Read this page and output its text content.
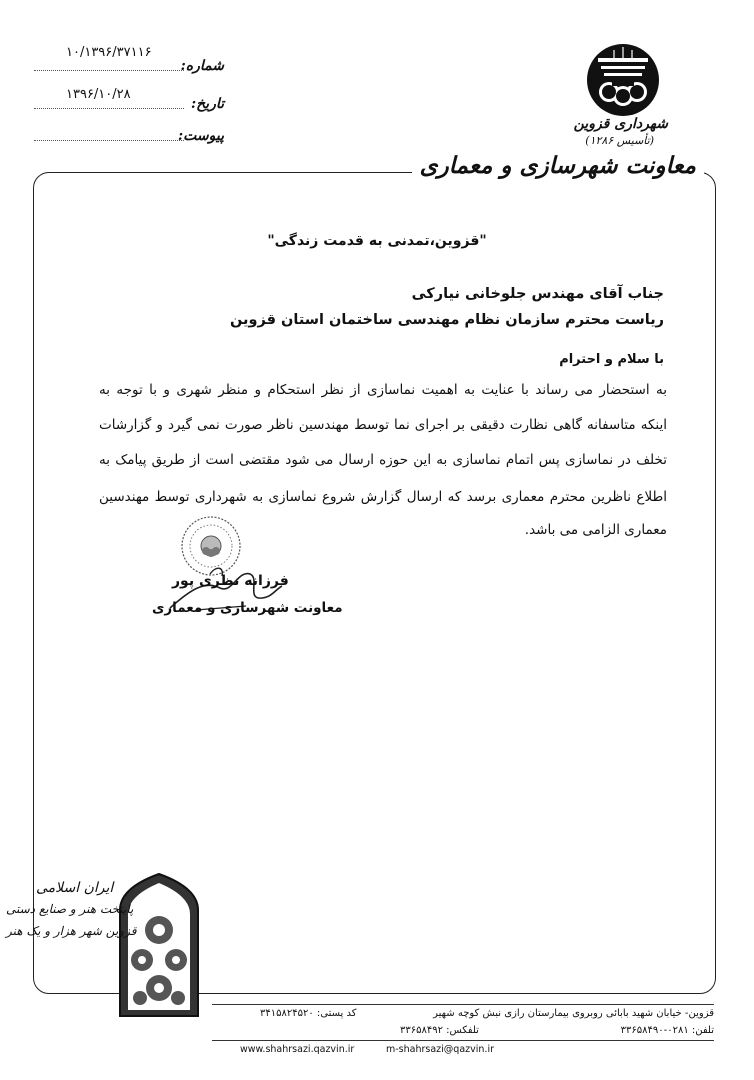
۱۰/۱۳۹۶/۳۷۱۱۶
شماره:
۱۳۹۶/۱۰/۲۸
تاریخ:
پیوست:
شهرداری قزوین
(تأسیس ۱۲۸۶)
معاونت شهرسازی و معماری
"قزوین،تمدنی به قدمت زندگی"
جناب آقای مهندس جلوخانی نیارکی
ریاست محترم سازمان نظام مهندسی ساختمان استان قزوین
با سلام و احترام
به استحضار می رساند با عنایت به اهمیت نماسازی از نظر استحکام و منظر شهری و با توجه به
اینکه متاسفانه گاهی نظارت دقیقی بر اجرای نما توسط مهندسین ناظر صورت نمی گیرد و گزارشات
تخلف در نماسازی پس اتمام نماسازی به این حوزه ارسال می شود مقتضی است از طریق پیامک به
اطلاع ناظرین محترم معماری برسد که ارسال گزارش شروع نماسازی به شهرداری توسط مهندسین
معماری الزامی می باشد.
فرزانه نظری پور
معاونت شهرسازی و معماری
ایران اسلامی
پایتخت هنر و صنایع دستی
قزوین شهر هزار و یک هنر
قزوین- خیابان شهید بابائی روبروی بیمارستان رازی نبش کوچه شهیر
کد پستی: ۳۴۱۵۸۲۴۵۲۰
تلفن: ۰۲۸۱-۳۳۶۵۸۴۹۰
تلفکس: ۳۳۶۵۸۴۹۲
m-shahrsazi@qazvin.ir
www.shahrsazi.qazvin.ir
